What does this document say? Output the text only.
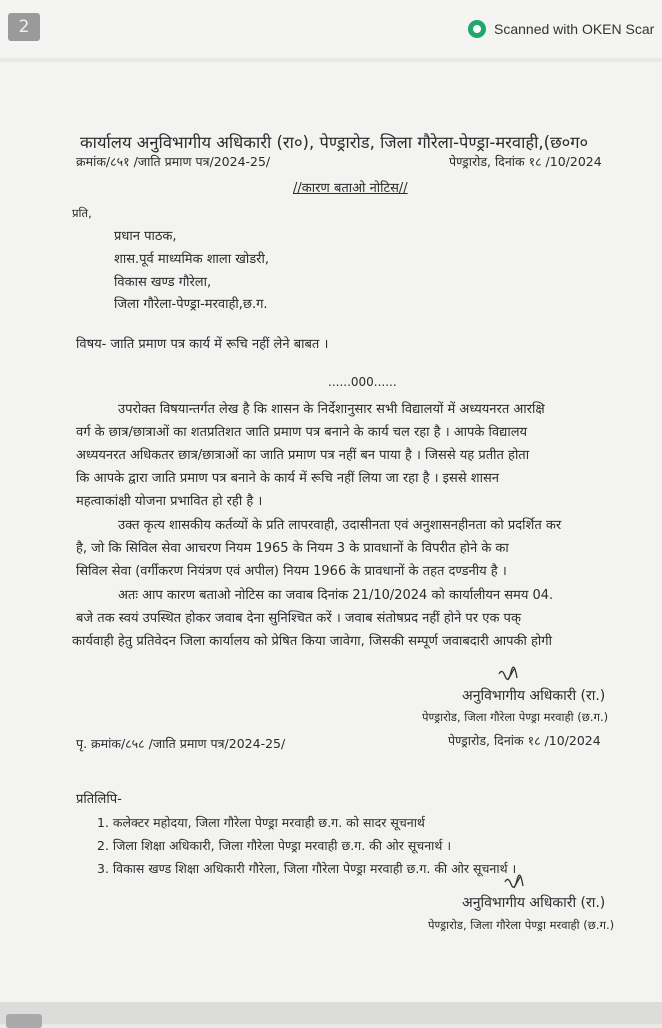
2	Scanned with OKEN Scar
कार्यालय अनुविभागीय अधिकारी (रा०), पेण्ड्रारोड, जिला गौरेला-पेण्ड्रा-मरवाही,(छ०ग०
क्रमांक/८५१ /जाति प्रमाण पत्र/2024-25/	पेण्ड्रारोड, दिनांक १८ /10/2024
//कारण बताओ नोटिस//
प्रति,
प्रधान पाठक,
शास.पूर्व माध्यमिक शाला खोडरी,
विकास खण्ड गौरेला,
जिला गौरेला-पेण्ड्रा-मरवाही,छ.ग.
विषय- जाति प्रमाण पत्र कार्य में रूचि नहीं लेने बाबत ।
......000......
उपरोक्त विषयान्तर्गत लेख है कि शासन के निर्देशानुसार सभी विद्यालयों में अध्ययनरत आरक्षि
वर्ग के छात्र/छात्राओं का शतप्रतिशत जाति प्रमाण पत्र बनाने के कार्य चल रहा है । आपके विद्यालय
अध्ययनरत अधिकतर छात्र/छात्राओं का जाति प्रमाण पत्र नहीं बन पाया है । जिससे यह प्रतीत होता
कि आपके द्वारा जाति प्रमाण पत्र बनाने के कार्य में रूचि नहीं लिया जा रहा है । इससे शासन
महत्वाकांक्षी योजना प्रभावित हो रही है ।
उक्त कृत्य शासकीय कर्तव्यों के प्रति लापरवाही, उदासीनता एवं अनुशासनहीनता को प्रदर्शित कर
है, जो कि सिविल सेवा आचरण नियम 1965 के नियम 3 के प्रावधानों के विपरीत होने के का
सिविल सेवा (वर्गीकरण नियंत्रण एवं अपील) नियम 1966 के प्रावधानों के तहत दण्डनीय है ।
अतः आप कारण बताओ नोटिस का जवाब दिनांक 21/10/2024 को कार्यालीयन समय 04.
बजे तक स्वयं उपस्थित होकर जवाब देना सुनिश्चित करें । जवाब संतोषप्रद नहीं होने पर एक पक्
कार्यवाही हेतु प्रतिवेदन जिला कार्यालय को प्रेषित किया जावेगा, जिसकी सम्पूर्ण जवाबदारी आपकी होगी
अनुविभागीय अधिकारी (रा.)
पेण्ड्रारोड, जिला गौरेला पेण्ड्रा मरवाही (छ.ग.)
पृ. क्रमांक/८५८ /जाति प्रमाण पत्र/2024-25/	पेण्ड्रारोड, दिनांक १८ /10/2024
प्रतिलिपि-
1. कलेक्टर महोदया, जिला गौरेला पेण्ड्रा मरवाही छ.ग. को सादर सूचनार्थ
2. जिला शिक्षा अधिकारी, जिला गौरेला पेण्ड्रा मरवाही छ.ग. की ओर सूचनार्थ ।
3. विकास खण्ड शिक्षा अधिकारी गौरेला, जिला गौरेला पेण्ड्रा मरवाही छ.ग. की ओर सूचनार्थ ।
अनुविभागीय अधिकारी (रा.)
पेण्ड्रारोड, जिला गौरेला पेण्ड्रा मरवाही (छ.ग.)
